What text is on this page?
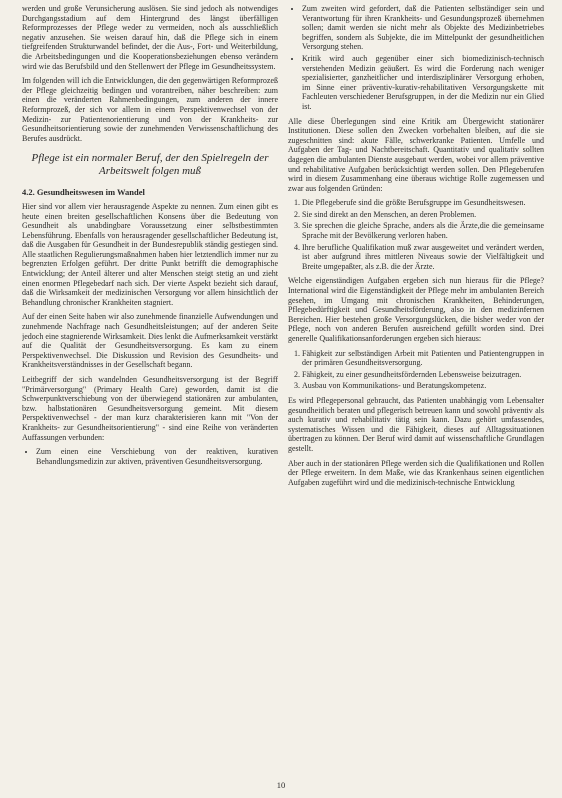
werden und große Verunsicherung auslösen. Sie sind jedoch als notwendiges Durchgangsstadium auf dem Hintergrund des längst überfälligen Reformprozesses der Pflege weder zu vermeiden, noch als ausschließlich negativ anzusehen. Sie weisen darauf hin, daß die Pflege sich in einem tiefgreifenden Strukturwandel befindet, der die Aus-, Fort- und Weiterbildung, die Arbeitsbedingungen und die Kooperationsbeziehungen ebenso verändern wird wie das Berufsbild und den Stellenwert der Pflege im Gesundheitssystem.

Im folgenden will ich die Entwicklungen, die den gegenwärtigen Reformprozeß der Pflege gleichzeitig bedingen und vorantreiben, näher beschreiben: zum einen die veränderten Rahmenbedingungen, zum anderen der innere Reformprozeß, der sich vor allem in einem Perspektivenwechsel von der Medizin- zur Patientenorientierung und von der Krankheits- zur Gesundheitsorientierung sowie der zunehmenden Verwissenschaftlichung des Berufes ausdrückt.

Pflege ist ein normaler Beruf, der den Spielregeln der Arbeitswelt folgen muß
4.2. Gesundheitswesen im Wandel

Hier sind vor allem vier herausragende Aspekte zu nennen. Zum einen gibt es heute einen breiten gesellschaftlichen Konsens über die Bedeutung von Gesundheit als unabdingbare Voraussetzung einer selbstbestimmten Lebensführung. Ebenfalls von herausragender gesellschaftlicher Bedeutung ist, daß die Ausgaben für Gesundheit in der Bundesrepublik ständig gestiegen sind. Alle staatlichen Regulierungsmaßnahmen haben hier letztendlich immer nur zu begrenzten Erfolgen geführt. Der dritte Punkt betrifft die demographische Entwicklung; der Anteil älterer und alter Menschen steigt stetig an und zieht einen enormen Pflegebedarf nach sich. Der vierte Aspekt bezieht sich darauf, daß die Wirksamkeit der medizinischen Versorgung vor allem hinsichtlich der Behandlung chronischer Krankheiten stagniert.

Auf der einen Seite haben wir also zunehmende finanzielle Aufwendungen und zunehmende Nachfrage nach Gesundheitsleistungen; auf der anderen Seite jedoch eine stagnierende Wirksamkeit. Dies lenkt die Aufmerksamkeit verstärkt auf die Qualität der Gesundheitsversorgung. Es kam zu einem Perspektivenwechsel. Die Diskussion und Revision des Gesundheits- und Krankheitsverständnisses in der Gesellschaft begann.

Leitbegriff der sich wandelnden Gesundheitsversorgung ist der Begriff "Primärversorgung" (Primary Health Care) geworden, damit ist die Schwerpunktverschiebung von der überwiegend stationären zur ambulanten, bzw. halbstationären Gesundheitsversorgung gemeint. Mit diesem Perspektivenwechsel - der man kurz charakterisieren kann mit "Von der Krankheits- zur Gesundheitsorientierung" - sind eine Reihe von veränderten Auffassungen verbunden:

• Zum einen eine Verschiebung von der reaktiven, kurativen Behandlungsmedizin zur aktiven, präventiven Gesundheitsversorgung.
• Zum zweiten wird gefordert, daß die Patienten selbständiger sein und Verantwortung für ihren Krankheits- und Gesundungsprozeß übernehmen sollen; damit werden sie nicht mehr als Objekte des Medizinbetriebes begriffen, sondern als Subjekte, die im Mittelpunkt der gesundheitlichen Versorgung stehen.
• Kritik wird auch gegenüber einer sich biomedizinisch-technisch verstehenden Medizin geäußert. Es wird die Forderung nach weniger spezialisierter, ganzheitlicher und interdisziplinärer Versorgung erhoben, im Sinne einer präventiv-kurativ-rehabilitativen Versorgungskette mit Fachleuten verschiedener Berufsgruppen, in der die Medizin nur ein Glied ist.

Alle diese Überlegungen sind eine Kritik am Übergewicht stationärer Institutionen. Diese sollen den Zwecken vorbehalten bleiben, auf die sie zugeschnitten sind: akute Fälle, schwerkranke Patienten. Umfelle und Aufgaben der Tag- und Nachtbereitschaft. Quantitativ und qualitativ sollten dagegen die ambulanten Dienste ausgebaut werden, wobei vor allem präventive und rehabilitative Aufgaben berücksichtigt werden sollen. Den Pflegeberufen wird in diesem Zusammenhang eine überaus wichtige Rolle zugemessen und zwar aus folgenden Gründen:

1. Die Pflegeberufe sind die größte Berufsgruppe im Gesundheitswesen.
2. Sie sind direkt an den Menschen, an deren Problemen.
3. Sie sprechen die gleiche Sprache, anders als die Ärzte,die die gemeinsame Sprache mit der Bevölkerung verloren haben.
4. Ihre berufliche Qualifikation muß zwar ausgeweitet und verändert werden, ist aber aufgrund ihres mittleren Niveaus sowie der Vielfältigkeit und Breite umgepaßter, als z.B. die der Ärzte.

Welche eigenständigen Aufgaben ergeben sich nun hieraus für die Pflege? International wird die Eigenständigkeit der Pflege mehr im ambulanten Bereich gesehen, im Umgang mit chronischen Krankheiten, Behinderungen, Pflegebedürftigkeit und Gesundheitsförderung, also in den medizinfernen Bereichen. Hier bestehen große Versorgungslücken, die bisher weder von der Pflege, noch von anderen Berufen ausreichend gefüllt worden sind. Drei generelle Qualifikationsanforderungen ergeben sich hieraus:

1. Fähigkeit zur selbständigen Arbeit mit Patienten und Patientengruppen in der primären Gesundheitsversorgung.
2. Fähigkeit, zu einer gesundheitsfördernden Lebensweise beizutragen.
3. Ausbau von Kommunikations- und Beratungskompetenz.

Es wird Pflegepersonal gebraucht, das Patienten unabhängig vom Lebensalter gesundheitlich beraten und pflegerisch betreuen kann und sowohl präventiv als auch kurativ und rehabilitativ tätig sein kann. Dazu gehört umfassendes, systematisches Wissen und die Fähigkeit, dieses auf Alltagssituationen übertragen zu können. Der Beruf wird damit auf wissenschaftliche Grundlagen gestellt.

Aber auch in der stationären Pflege werden sich die Qualifikationen und Rollen der Pflege erweitern. In dem Maße, wie das Krankenhaus seinen eigentlichen Aufgaben zugeführt wird und die medizinisch-technische Entwicklung

10
